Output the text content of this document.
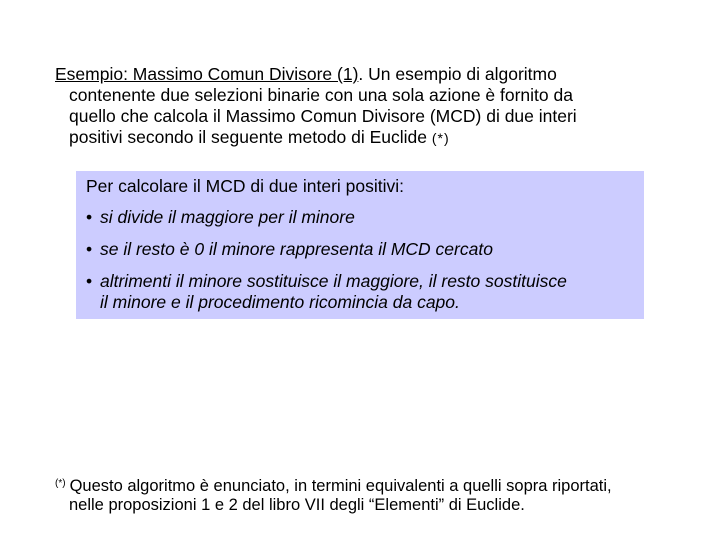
Esempio: Massimo Comun Divisore (1). Un esempio di algoritmo
contenente due selezioni binarie con una sola azione è fornito da
quello che calcola il Massimo Comun Divisore (MCD) di due interi
positivi secondo il seguente metodo di Euclide (*)
Per calcolare il MCD di due interi positivi:
• si divide il maggiore per il minore
• se il resto è 0 il minore rappresenta il MCD cercato
• altrimenti il minore sostituisce il maggiore, il resto sostituisce
il minore e il procedimento ricomincia da capo.
(*) Questo algoritmo è enunciato, in termini equivalenti a quelli sopra riportati,
nelle proposizioni 1 e 2 del libro VII degli “Elementi” di Euclide.
